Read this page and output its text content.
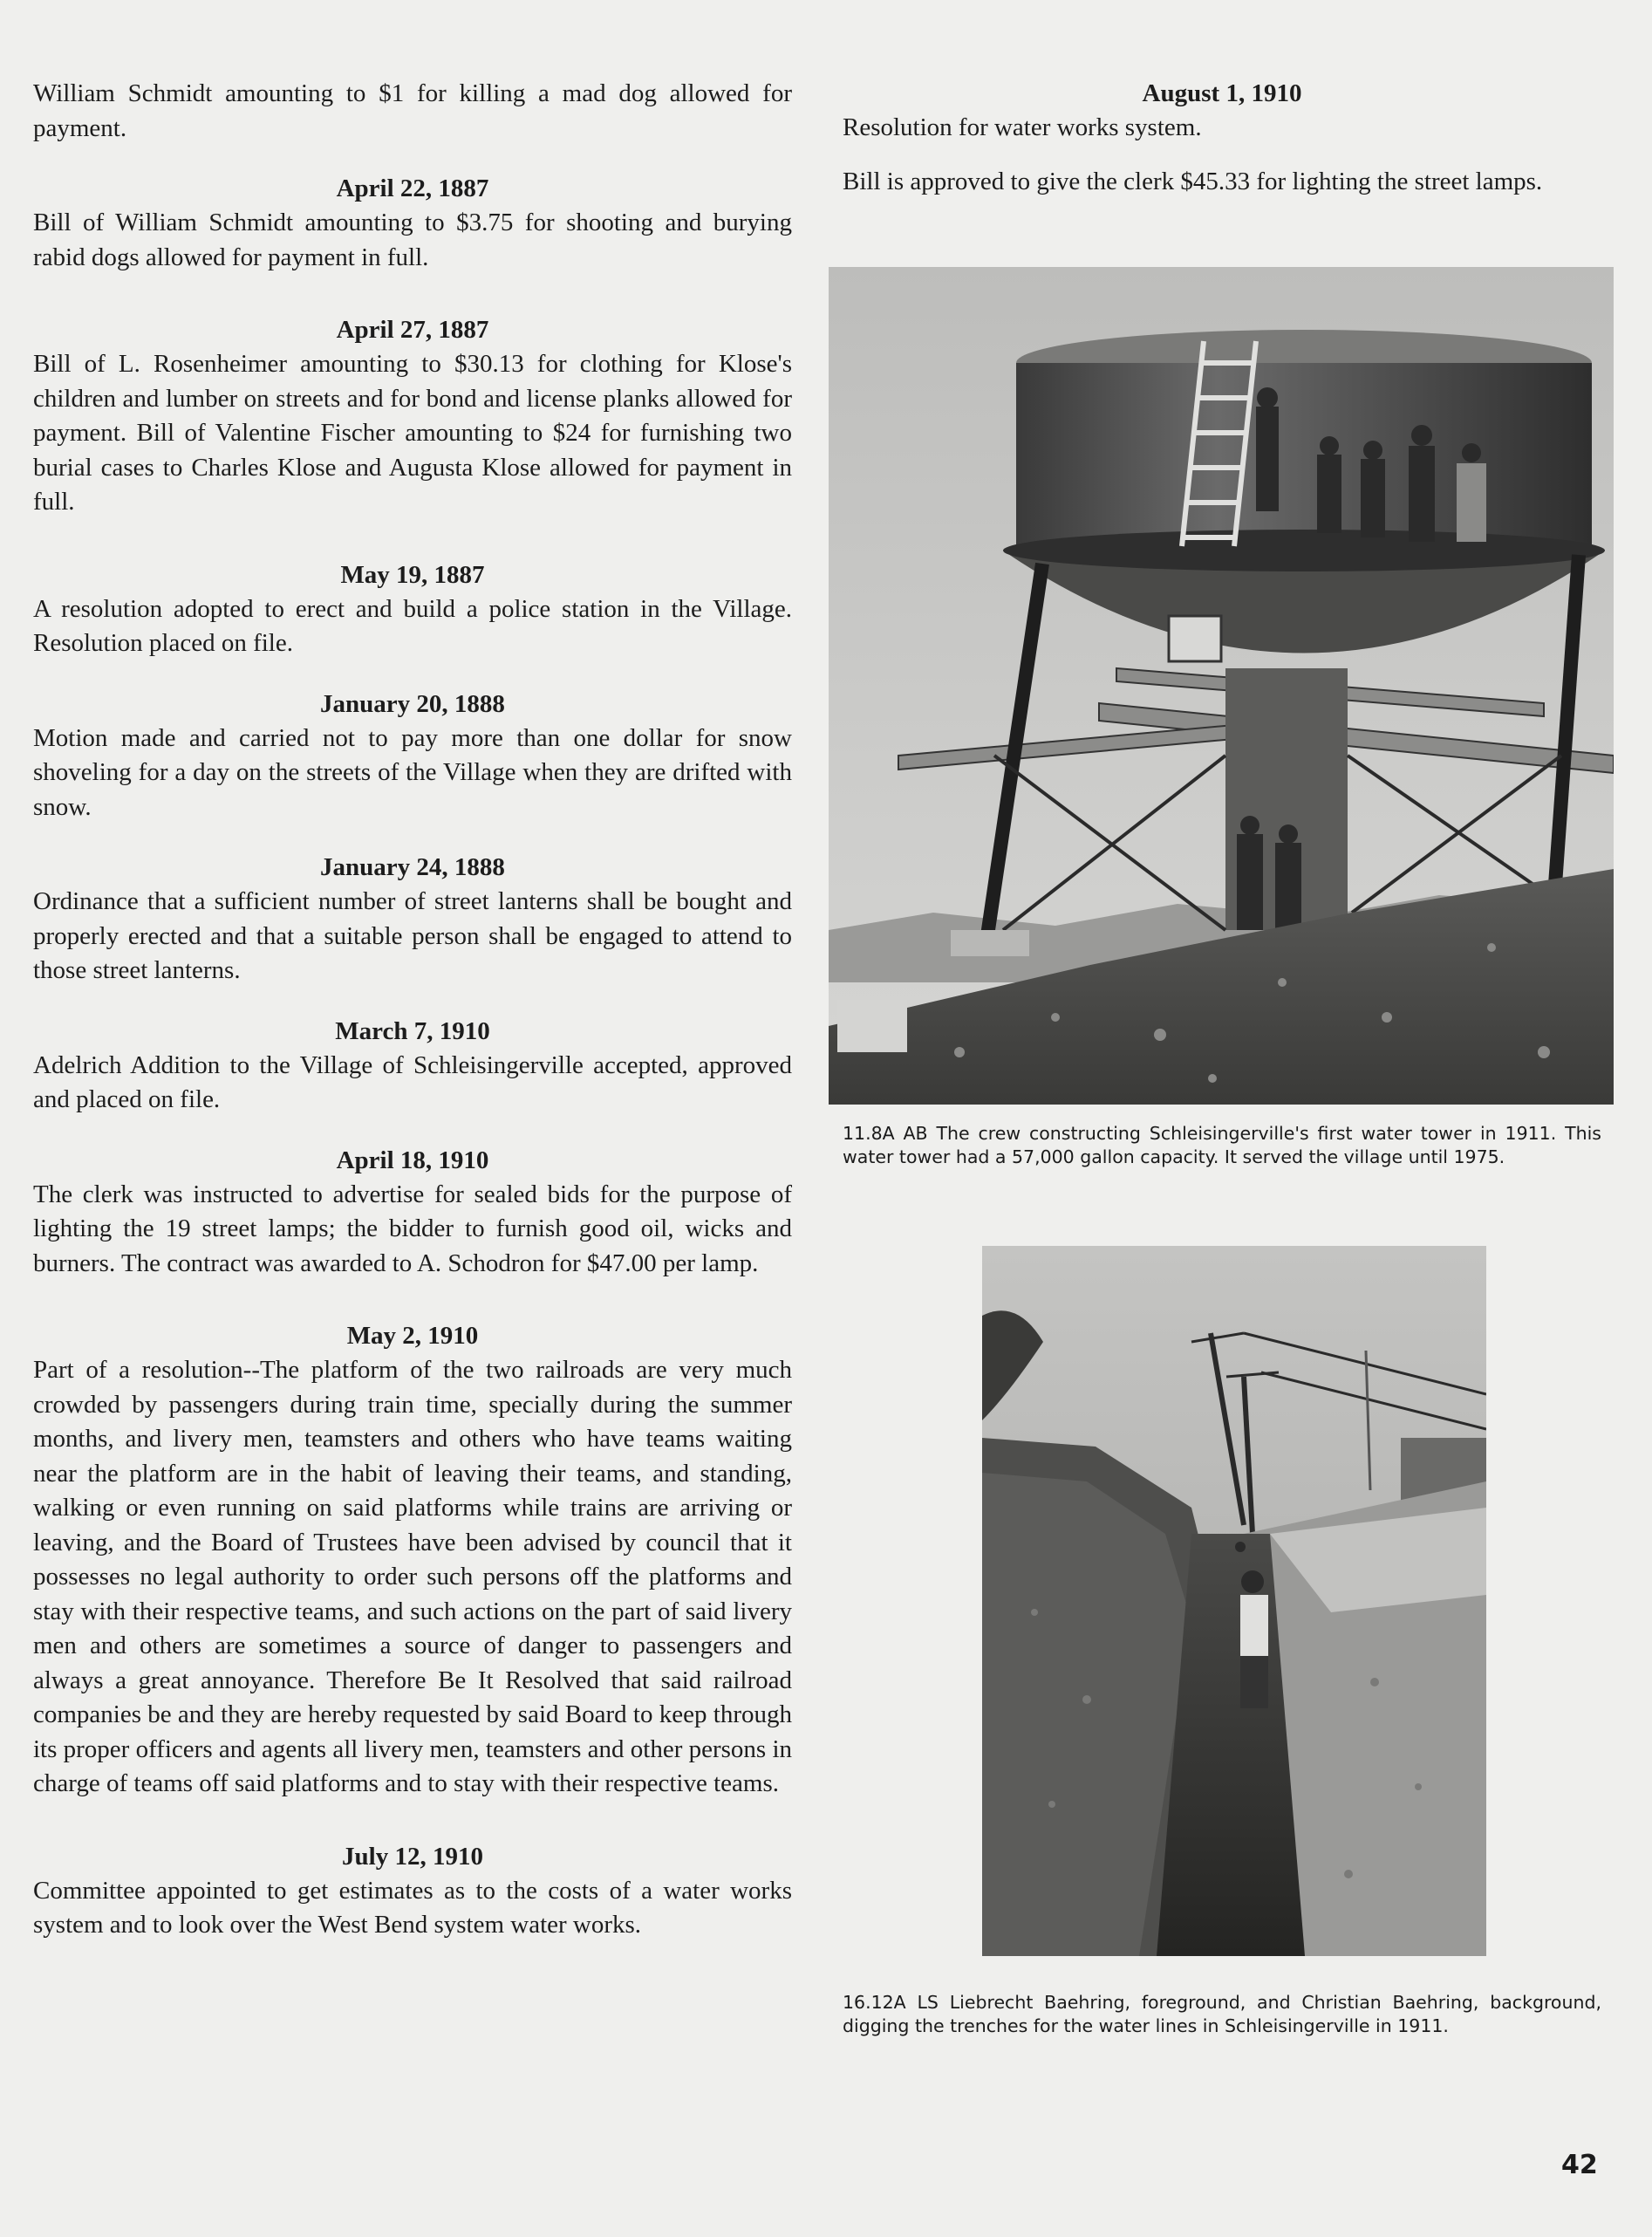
William Schmidt amounting to $1 for killing a mad dog allowed for payment.

April 22, 1887

Bill of William Schmidt amounting to $3.75 for shooting and burying rabid dogs allowed for payment in full.

April 27, 1887

Bill of L. Rosenheimer amounting to $30.13 for clothing for Klose's children and lumber on streets and for bond and license planks allowed for payment. Bill of Valentine Fischer amounting to $24 for furnishing two burial cases to Charles Klose and Augusta Klose allowed for payment in full.

May 19, 1887

A resolution adopted to erect and build a police station in the Village. Resolution placed on file.

January 20, 1888

Motion made and carried not to pay more than one dollar for snow shoveling for a day on the streets of the Village when they are drifted with snow.

January 24, 1888

Ordinance that a sufficient number of street lanterns shall be bought and properly erected and that a suitable person shall be engaged to attend to those street lanterns.

March 7, 1910

Adelrich Addition to the Village of Schleisingerville accepted, approved and placed on file.

April 18, 1910

The clerk was instructed to advertise for sealed bids for the purpose of lighting the 19 street lamps; the bidder to furnish good oil, wicks and burners. The contract was awarded to A. Schodron for $47.00 per lamp.

May 2, 1910

Part of a resolution--The platform of the two railroads are very much crowded by passengers during train time, specially during the summer months, and livery men, teamsters and others who have teams waiting near the platform are in the habit of leaving their teams, and standing, walking or even running on said platforms while trains are arriving or leaving, and the Board of Trustees have been advised by council that it possesses no legal authority to order such persons off the platforms and stay with their respective teams, and such actions on the part of said livery men and others are sometimes a source of danger to passengers and always a great annoyance. Therefore Be It Resolved that said railroad companies be and they are hereby requested by said Board to keep through its proper officers and agents all livery men, teamsters and other persons in charge of teams off said platforms and to stay with their respective teams.

July 12, 1910

Committee appointed to get estimates as to the costs of a water works system and to look over the West Bend system water works.

August 1, 1910

Resolution for water works system.

Bill is approved to give the clerk $45.33 for lighting the street lamps.

11.8A AB The crew constructing Schleisingerville's first water tower in 1911. This water tower had a 57,000 gallon capacity. It served the village until 1975.
16.12A LS Liebrecht Baehring, foreground, and Christian Baehring, background, digging the trenches for the water lines in Schleisingerville in 1911.
42
